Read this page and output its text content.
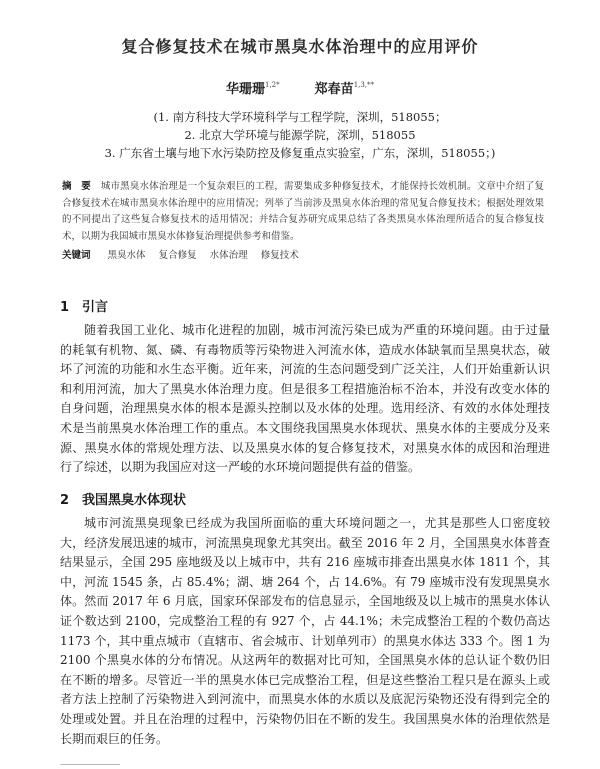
复合修复技术在城市黑臭水体治理中的应用评价
华珊珊$^{1,2*}$	郑春苗$^{1,3,**}$
(1. 南方科技大学环境科学与工程学院，深圳，518055；
2. 北京大学环境与能源学院，深圳，518055
3. 广东省土壤与地下水污染防控及修复重点实验室，广东，深圳，518055；)
摘　要 城市黑臭水体治理是一个复杂艰巨的工程，需要集成多种修复技术，才能保持长效机制。文章中介绍了复合修复技术在城市黑臭水体治理中的应用情况；列举了当前涉及黑臭水体治理的常见复合修复技术；根据处理效果的不同提出了这些复合修复技术的适用情况；并结合复苏研究成果总结了各类黑臭水体治理所适合的复合修复技术，以期为我国城市黑臭水体修复治理提供参考和借鉴。
关键词 黑臭水体 复合修复 水体治理 修复技术
1 引言
随着我国工业化、城市化进程的加剧，城市河流污染已成为严重的环境问题。由于过量的耗氧有机物、氮、磷、有毒物质等污染物进入河流水体，造成水体缺氧而呈黑臭状态，破坏了河流的功能和水生态平衡。近年来，河流的生态问题受到广泛关注，人们开始重新认识和利用河流，加大了黑臭水体治理力度。但是很多工程措施治标不治本，并没有改变水体的自身问题，治理黑臭水体的根本是源头控制以及水体的处理。选用经济、有效的水体处理技术是当前黑臭水体治理工作的重点。本文围绕我国黑臭水体现状、黑臭水体的主要成分及来源、黑臭水体的常规处理方法、以及黑臭水体的复合修复技术，对黑臭水体的成因和治理进行了综述，以期为我国应对这一严峻的水环境问题提供有益的借鉴。
2 我国黑臭水体现状
城市河流黑臭现象已经成为我国所面临的重大环境问题之一，尤其是那些人口密度较大，经济发展迅速的城市，河流黑臭现象尤其突出。截至 2016 年 2 月，全国黑臭水体普查结果显示，全国 295 座地级及以上城市中，共有 216 座城市排查出黑臭水体 1811 个，其中，河流 1545 条，占 85.4%；湖、塘 264 个，占 14.6%。有 79 座城市没有发现黑臭水体。然而 2017 年 6 月底，国家环保部发布的信息显示，全国地级及以上城市的黑臭水体认证个数达到 2100，完成整治工程的有 927 个，占 44.1%；未完成整治工程的个数仍高达 1173 个，其中重点城市（直辖市、省会城市、计划单列市）的黑臭水体达 333 个。图 1 为 2100 个黑臭水体的分布情况。从这两年的数据对比可知，全国黑臭水体的总认证个数仍旧在不断的增多。尽管近一半的黑臭水体已完成整治工程，但是这些整治工程只是在源头上或者方法上控制了污染物进入到河流中，而黑臭水体的水质以及底泥污染物还没有得到完全的处理或处置。并且在治理的过程中，污染物仍旧在不断的发生。我国黑臭水体的治理依然是长期而艰巨的任务。
